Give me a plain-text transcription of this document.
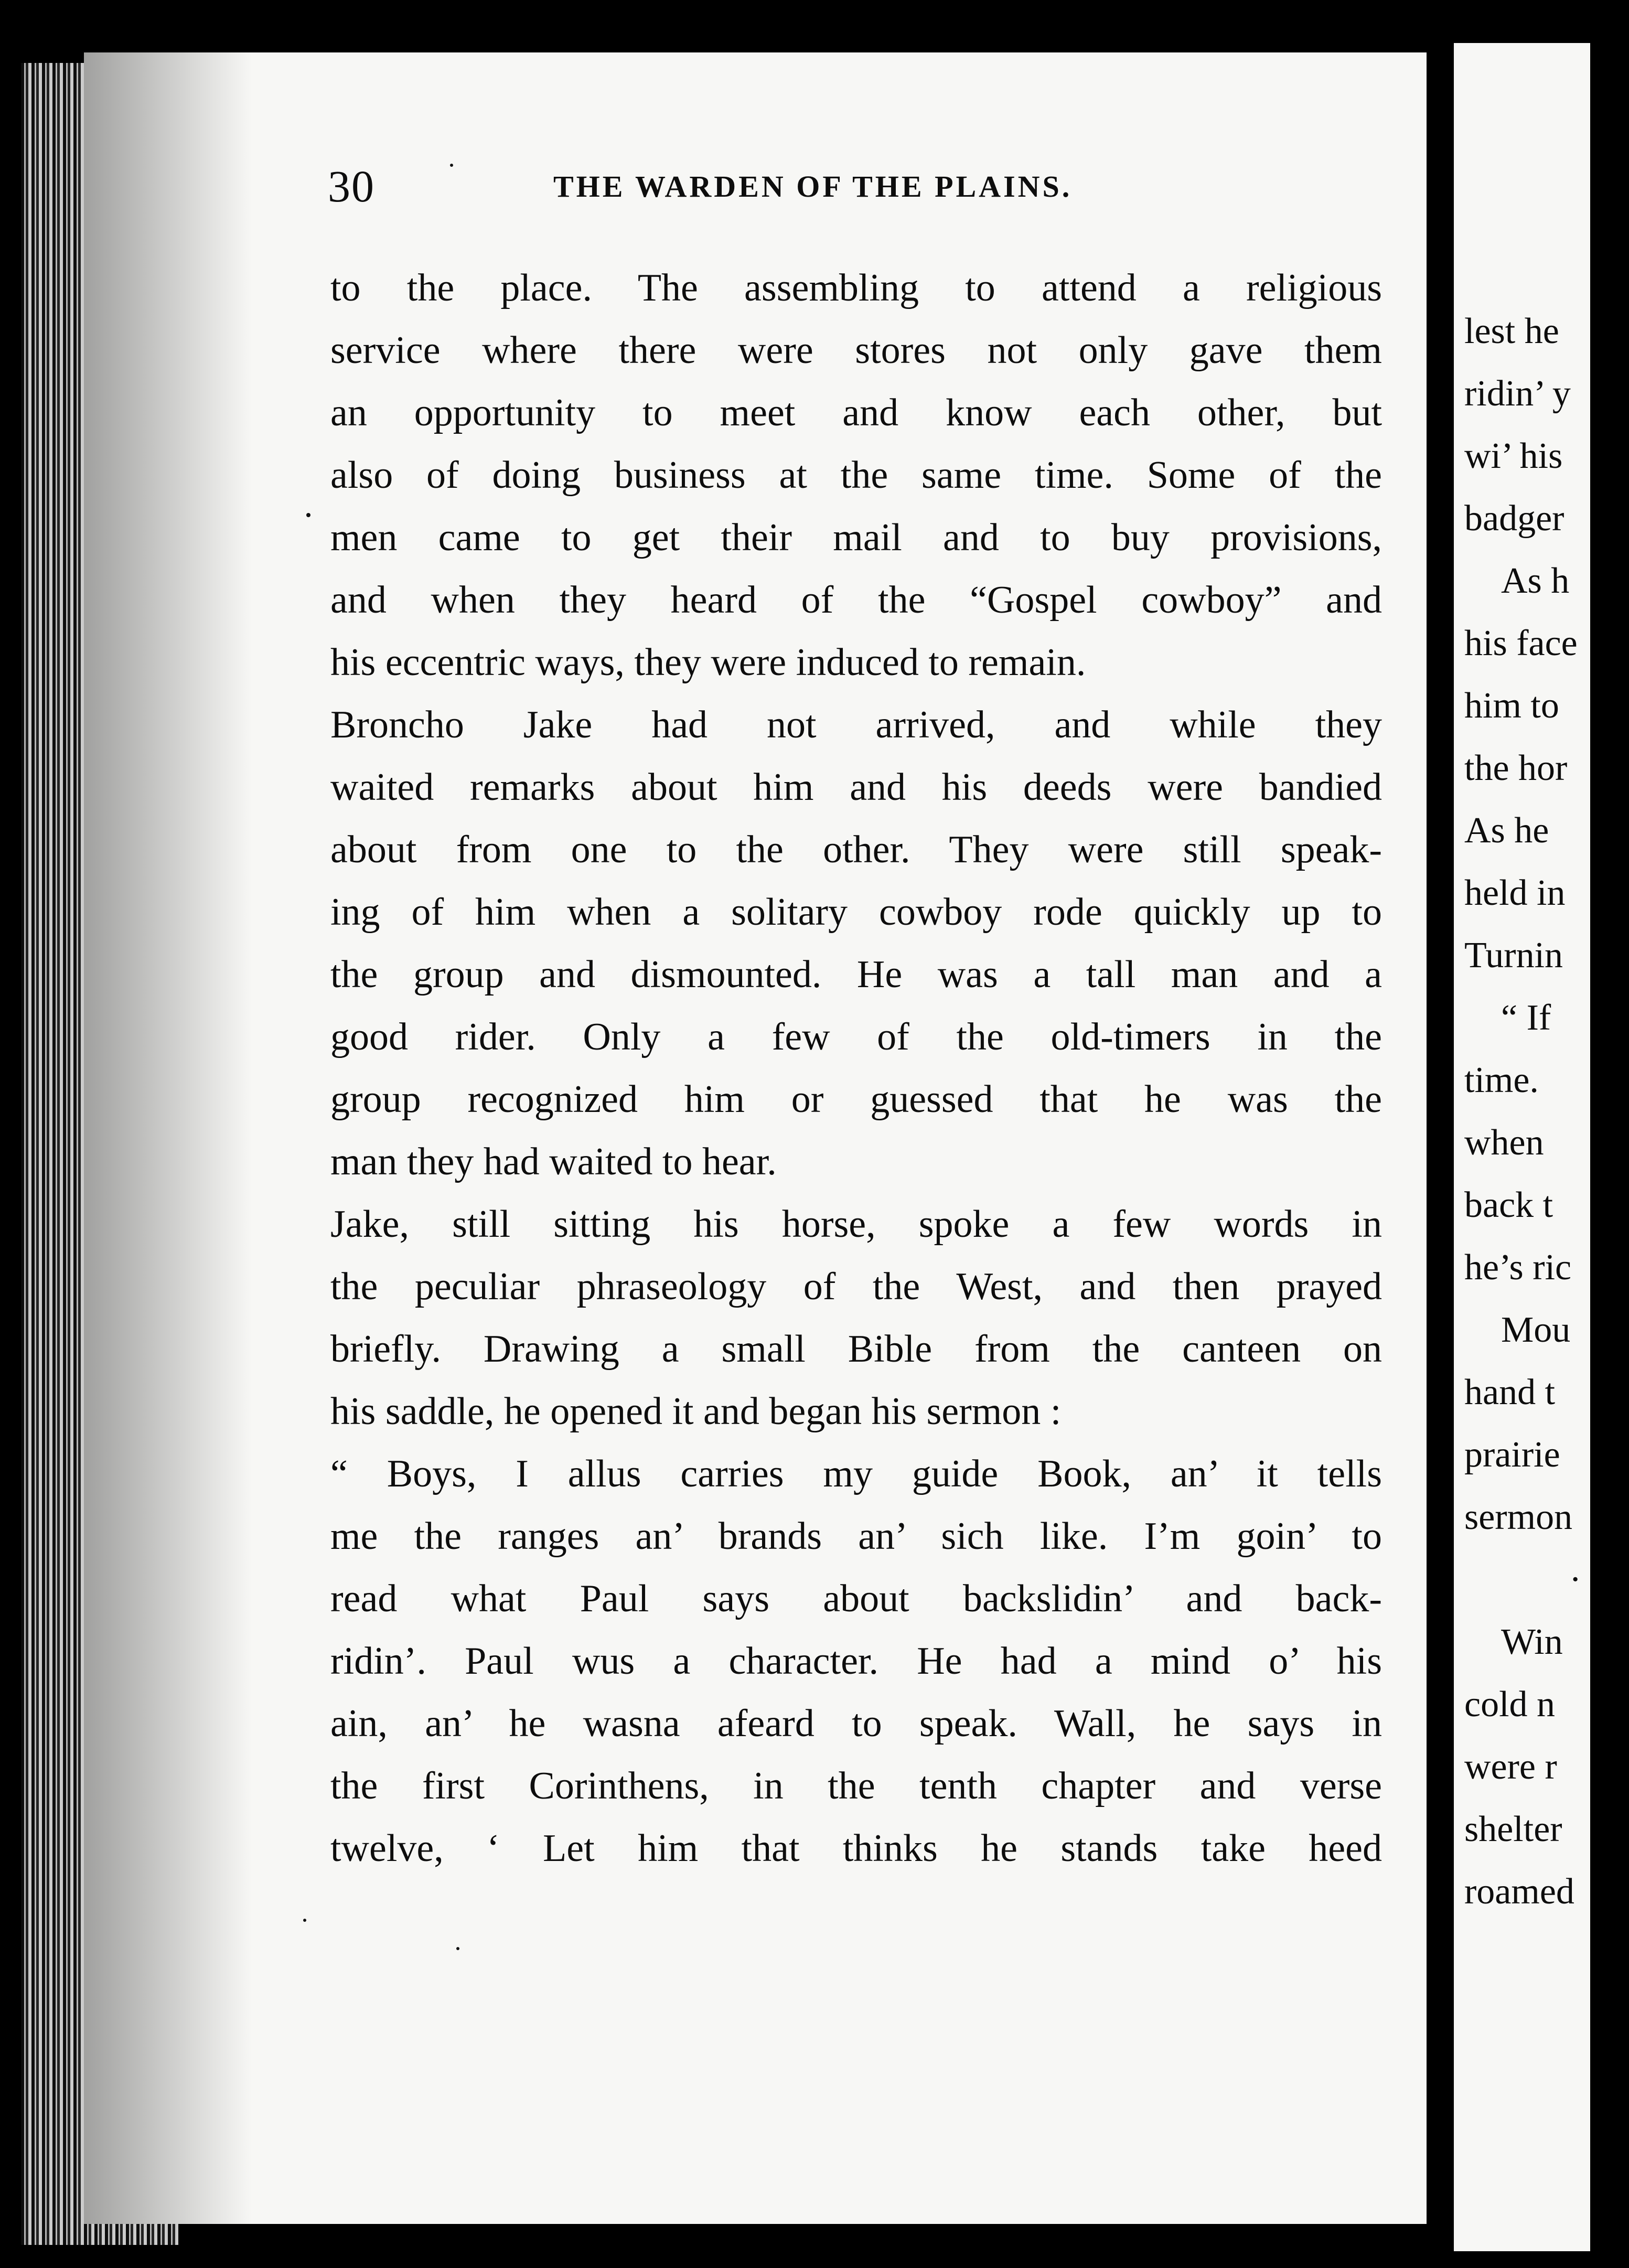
30	THE WARDEN OF THE PLAINS.
to the place. The assembling to attend a religious
service where there were stores not only gave them
an opportunity to meet and know each other, but
also of doing business at the same time. Some of the
men came to get their mail and to buy provisions,
and when they heard of the “Gospel cowboy” and
his eccentric ways, they were induced to remain.
Broncho Jake had not arrived, and while they
waited remarks about him and his deeds were bandied
about from one to the other. They were still speak-
ing of him when a solitary cowboy rode quickly up to
the group and dismounted. He was a tall man and a
good rider. Only a few of the old-timers in the
group recognized him or guessed that he was the
man they had waited to hear.
Jake, still sitting his horse, spoke a few words in
the peculiar phraseology of the West, and then prayed
briefly. Drawing a small Bible from the canteen on
his saddle, he opened it and began his sermon :
“ Boys, I allus carries my guide Book, an’ it tells
me the ranges an’ brands an’ sich like. I’m goin’ to
read what Paul says about backslidin’ and back-
ridin’. Paul wus a character. He had a mind o’ his
ain, an’ he wasna afeard to speak. Wall, he says in
the first Corinthens, in the tenth chapter and verse
twelve, ‘ Let him that thinks he stands take heed
lest he
ridin’ y
wi’ his
badger
As h
his face
him to
the hor
As he
held in
Turnin
“ If
time.
when
back t
he’s ric
Mou
hand t
prairie
sermon
·
Win
cold n
were r
shelter
roamed
